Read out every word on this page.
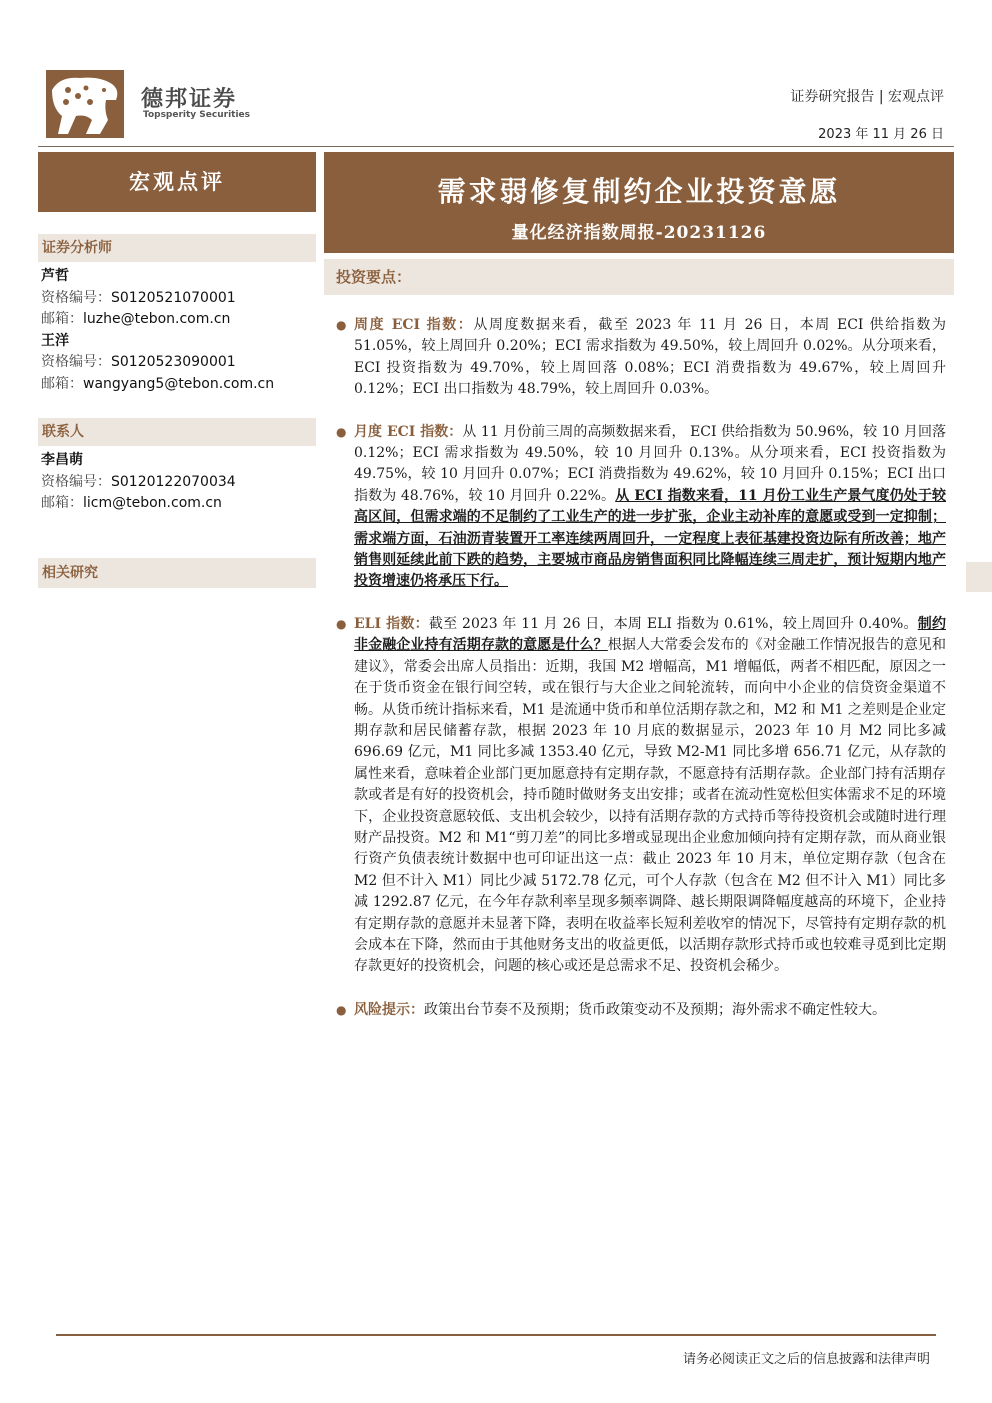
德邦证券
Topsperity Securities
证券研究报告 | 宏观点评
2023 年 11 月 26 日
宏观点评	需求弱修复制约企业投资意愿
量化经济指数周报-20231126
证券分析师
芦哲
资格编号：S0120521070001
邮箱：luzhe@tebon.com.cn
王洋
资格编号：S0120523090001
邮箱：wangyang5@tebon.com.cn
联系人
李昌萌
资格编号：S0120122070034
邮箱：licm@tebon.com.cn
相关研究
投资要点：
● 周度 ECI 指数：从周度数据来看，截至 2023 年 11 月 26 日，本周 ECI 供给指数为 51.05%，较上周回升 0.20%；ECI 需求指数为 49.50%，较上周回升 0.02%。从分项来看，ECI 投资指数为 49.70%，较上周回落 0.08%；ECI 消费指数为 49.67%，较上周回升 0.12%；ECI 出口指数为 48.79%，较上周回升 0.03%。
● 月度 ECI 指数：从 11 月份前三周的高频数据来看， ECI 供给指数为 50.96%，较 10 月回落 0.12%；ECI 需求指数为 49.50%，较 10 月回升 0.13%。从分项来看，ECI 投资指数为 49.75%，较 10 月回升 0.07%；ECI 消费指数为 49.62%，较 10 月回升 0.15%；ECI 出口指数为 48.76%，较 10 月回升 0.22%。从 ECI 指数来看，11 月份工业生产景气度仍处于较高区间，但需求端的不足制约了工业生产的进一步扩张，企业主动补库的意愿或受到一定抑制；需求端方面，石油沥青装置开工率连续两周回升，一定程度上表征基建投资边际有所改善；地产销售则延续此前下跌的趋势，主要城市商品房销售面积同比降幅连续三周走扩，预计短期内地产投资增速仍将承压下行。
● ELI 指数：截至 2023 年 11 月 26 日，本周 ELI 指数为 0.61%，较上周回升 0.40%。制约非金融企业持有活期存款的意愿是什么？根据人大常委会发布的《对金融工作情况报告的意见和建议》，常委会出席人员指出：近期，我国 M2 增幅高，M1 增幅低，两者不相匹配，原因之一在于货币资金在银行间空转，或在银行与大企业之间轮流转，而向中小企业的信贷资金渠道不畅。从货币统计指标来看，M1 是流通中货币和单位活期存款之和，M2 和 M1 之差则是企业定期存款和居民储蓄存款，根据 2023 年 10 月底的数据显示，2023 年 10 月 M2 同比多减 696.69 亿元，M1 同比多减 1353.40 亿元，导致 M2-M1 同比多增 656.71 亿元，从存款的属性来看，意味着企业部门更加愿意持有定期存款，不愿意持有活期存款。企业部门持有活期存款或者是有好的投资机会，持币随时做财务支出安排；或者在流动性宽松但实体需求不足的环境下，企业投资意愿较低、支出机会较少，以持有活期存款的方式持币等待投资机会或随时进行理财产品投资。M2 和 M1“剪刀差”的同比多增或显现出企业愈加倾向持有定期存款，而从商业银行资产负债表统计数据中也可印证出这一点：截止 2023 年 10 月末，单位定期存款（包含在 M2 但不计入 M1）同比少减 5172.78 亿元，可个人存款（包含在 M2 但不计入 M1）同比多减 1292.87 亿元，在今年存款利率呈现多频率调降、越长期限调降幅度越高的环境下，企业持有定期存款的意愿并未显著下降，表明在收益率长短利差收窄的情况下，尽管持有定期存款的机会成本在下降，然而由于其他财务支出的收益更低，以活期存款形式持币或也较难寻觅到比定期存款更好的投资机会，问题的核心或还是总需求不足、投资机会稀少。
● 风险提示：政策出台节奏不及预期；货币政策变动不及预期；海外需求不确定性较大。
请务必阅读正文之后的信息披露和法律声明
